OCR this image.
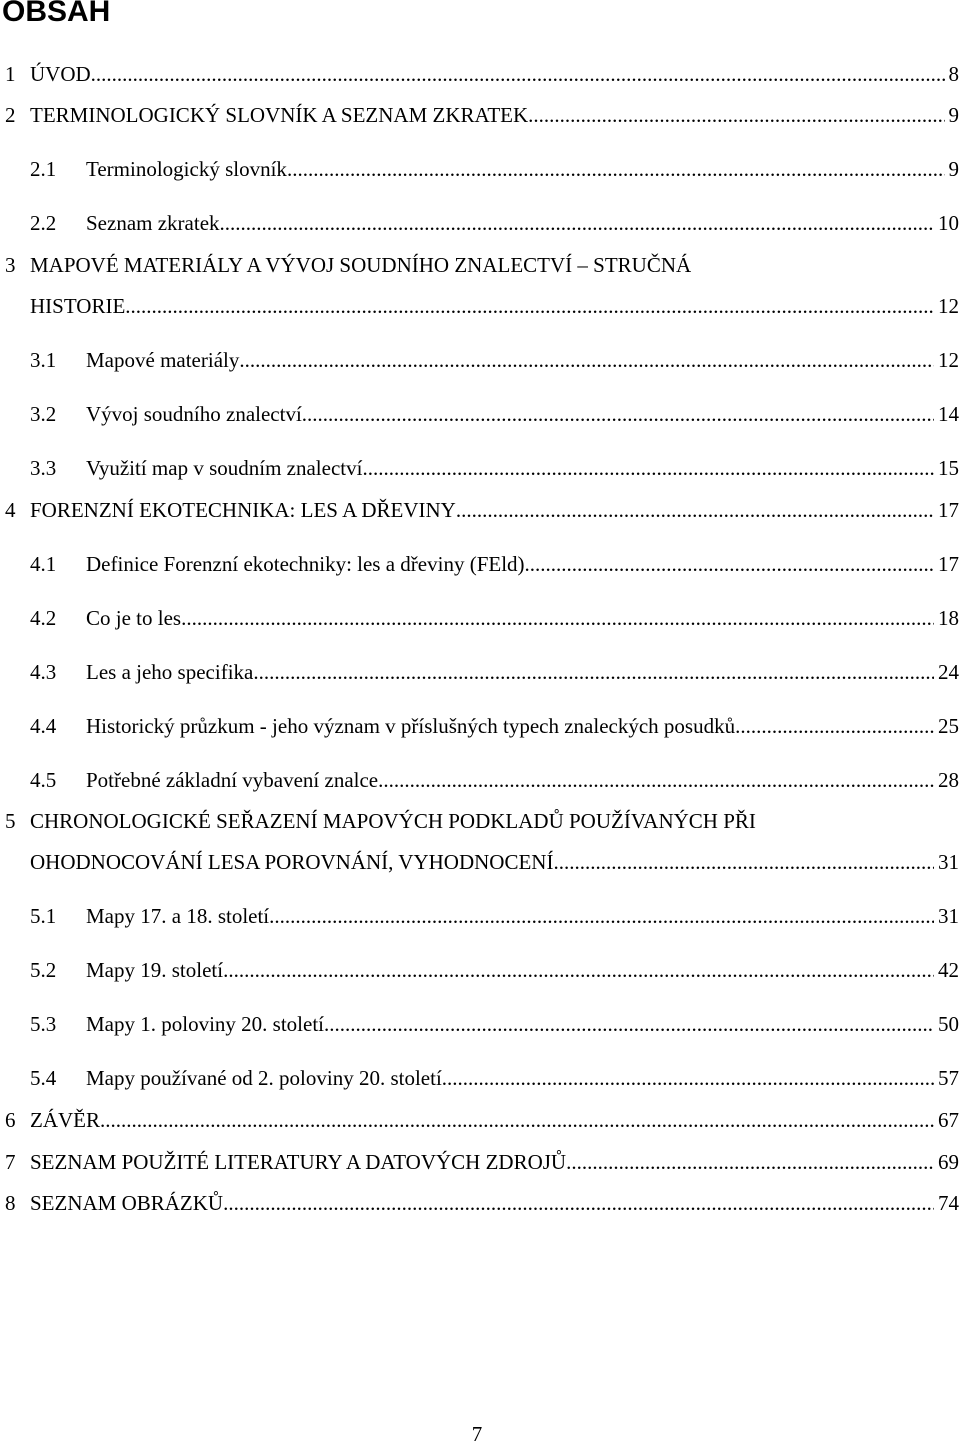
OBSAH
1 ÚVOD .....	8
2 TERMINOLOGICKÝ SLOVNÍK A SEZNAM ZKRATEK .....	9
2.1	Terminologický slovník .....	9
2.2	Seznam zkratek .....	10
3 MAPOVÉ MATERIÁLY A VÝVOJ SOUDNÍHO ZNALECTVÍ – STRUČNÁ
HISTORIE .....	12
3.1	Mapové materiály .....	12
3.2	Vývoj soudního znalectví .....	14
3.3	Využití map v soudním znalectví .....	15
4 FORENZNÍ EKOTECHNIKA: LES A DŘEVINY .....	17
4.1	Definice Forenzní ekotechniky: les a dřeviny (FEld) .....	17
4.2	Co je to les .....	18
4.3	Les a jeho specifika .....	24
4.4	Historický průzkum - jeho význam v příslušných typech znaleckých posudků .....	25
4.5	Potřebné základní vybavení znalce .....	28
5 CHRONOLOGICKÉ SEŘAZENÍ MAPOVÝCH PODKLADŮ POUŽÍVANÝCH PŘI
OHODNOCOVÁNÍ LESA POROVNÁNÍ, VYHODNOCENÍ .....	31
5.1	Mapy 17. a 18. století .....	31
5.2	Mapy 19. století .....	42
5.3	Mapy 1. poloviny 20. století .....	50
5.4	Mapy používané od 2. poloviny 20. století .....	57
6 ZÁVĚR .....	67
7 SEZNAM POUŽITÉ LITERATURY A DATOVÝCH ZDROJŮ .....	69
8 SEZNAM OBRÁZKŮ .....	74
7
